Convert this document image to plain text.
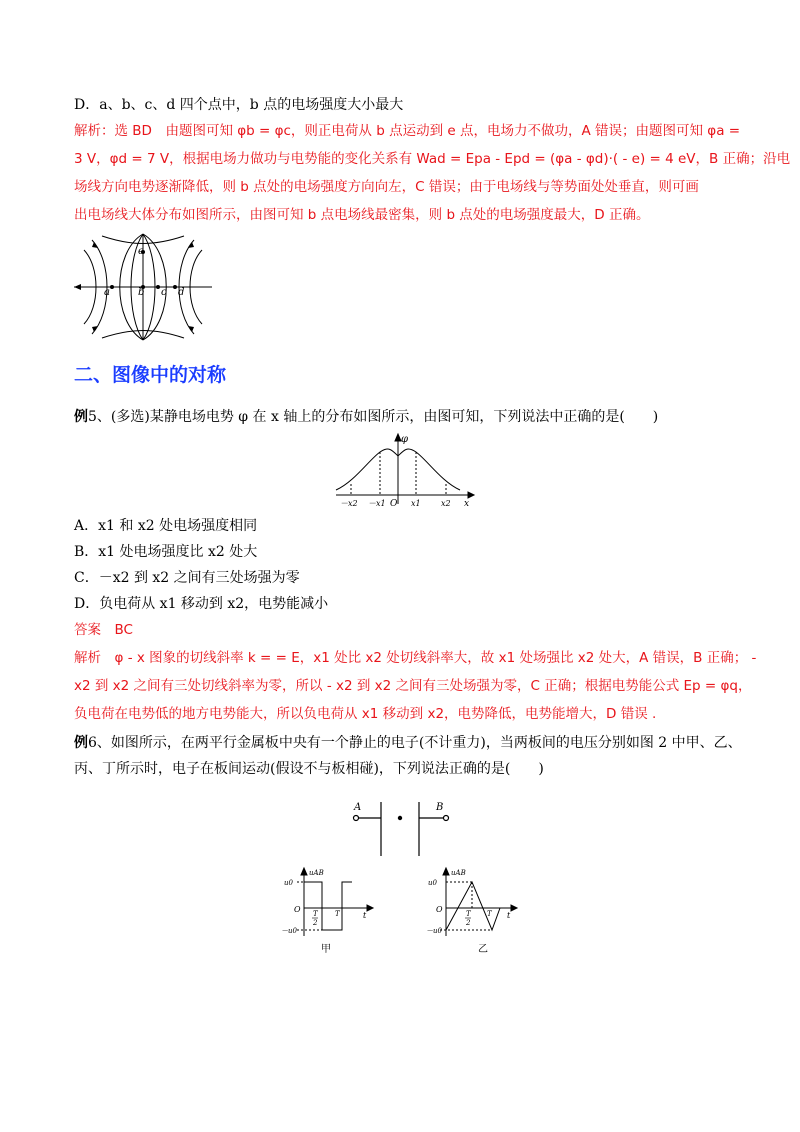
D．a、b、c、d 四个点中，b 点的电场强度大小最大
解析：选 BD　由题图可知 φb = φc，则正电荷从 b 点运动到 e 点，电场力不做功，A 错误；由题图可知 φa =
3 V，φd = 7 V，根据电场力做功与电势能的变化关系有 Wad = Epa - Epd = (φa - φd)·( - e) = 4 eV，B 正确；沿电
场线方向电势逐渐降低，则 b 点处的电场强度方向向左，C 错误；由于电场线与等势面处处垂直，则可画
出电场线大体分布如图所示，由图可知 b 点电场线最密集，则 b 点处的电场强度最大，D 正确。
e
a	b c d
二、图像中的对称
例5、(多选)某静电场电势 φ 在 x 轴上的分布如图所示，由图可知，下列说法中正确的是(　　)
φ
x
－x2 －x1 O x1	x2
A．x1 和 x2 处电场强度相同
B．x1 处电场强度比 x2 处大
C．－x2 到 x2 之间有三处场强为零
D．负电荷从 x1 移动到 x2，电势能减小
答案　BC
解析　φ - x 图象的切线斜率 k = = E，x1 处比 x2 处切线斜率大，故 x1 处场强比 x2 处大，A 错误，B 正确； -
x2 到 x2 之间有三处切线斜率为零，所以 - x2 到 x2 之间有三处场强为零，C 正确；根据电势能公式 Ep = φq，
负电荷在电势低的地方电势能大，所以负电荷从 x1 移动到 x2，电势降低，电势能增大，D 错误 .
例6、如图所示，在两平行金属板中央有一个静止的电子(不计重力)，当两板间的电压分别如图 2 中甲、乙、
丙、丁所示时，电子在板间运动(假设不与板相碰)，下列说法正确的是(　　)
A	B
uAB
u0
－u0
O
t
T
2
T
甲
uAB
u0
－u0
O
t
T
2
T
乙
